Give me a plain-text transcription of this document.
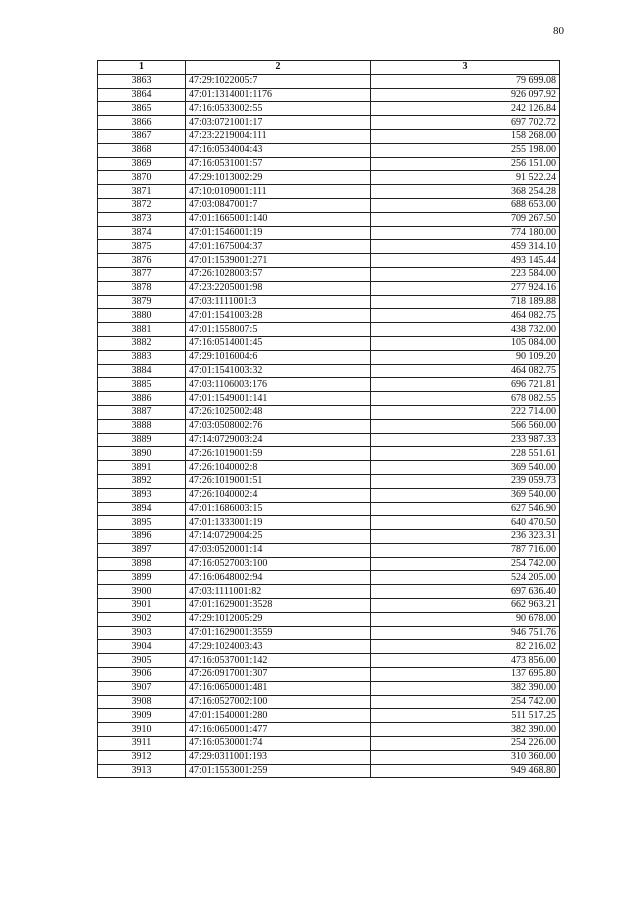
80
1	2	3
3863	47:29:1022005:7	79 699.08
3864	47:01:1314001:1176	926 097.92
3865	47:16:0533002:55	242 126.84
3866	47:03:0721001:17	697 702.72
3867	47:23:2219004:111	158 268.00
3868	47:16:0534004:43	255 198.00
3869	47:16:0531001:57	256 151.00
3870	47:29:1013002:29	91 522.24
3871	47:10:0109001:111	368 254.28
3872	47:03:0847001:7	688 653.00
3873	47:01:1665001:140	709 267.50
3874	47:01:1546001:19	774 180.00
3875	47:01:1675004:37	459 314.10
3876	47:01:1539001:271	493 145.44
3877	47:26:1028003:57	223 584.00
3878	47:23:2205001:98	277 924.16
3879	47:03:1111001:3	718 189.88
3880	47:01:1541003:28	464 082.75
3881	47:01:1558007:5	438 732.00
3882	47:16:0514001:45	105 084.00
3883	47:29:1016004:6	90 109.20
3884	47:01:1541003:32	464 082.75
3885	47:03:1106003:176	696 721.81
3886	47:01:1549001:141	678 082.55
3887	47:26:1025002:48	222 714.00
3888	47:03:0508002:76	566 560.00
3889	47:14:0729003:24	233 987.33
3890	47:26:1019001:59	228 551.61
3891	47:26:1040002:8	369 540.00
3892	47:26:1019001:51	239 059.73
3893	47:26:1040002:4	369 540.00
3894	47:01:1686003:15	627 546.90
3895	47:01:1333001:19	640 470.50
3896	47:14:0729004:25	236 323.31
3897	47:03:0520001:14	787 716.00
3898	47:16:0527003:100	254 742.00
3899	47:16:0648002:94	524 205.00
3900	47:03:1111001:82	697 636.40
3901	47:01:1629001:3528	662 963.21
3902	47:29:1012005:29	90 678.00
3903	47:01:1629001:3559	946 751.76
3904	47:29:1024003:43	82 216.02
3905	47:16:0537001:142	473 856.00
3906	47:26:0917001:307	137 695.80
3907	47:16:0650001:481	382 390.00
3908	47:16:0527002:100	254 742.00
3909	47:01:1540001:280	511 517.25
3910	47:16:0650001:477	382 390.00
3911	47:16:0530001:74	254 226.00
3912	47:29:0311001:193	310 360.00
3913	47:01:1553001:259	949 468.80
